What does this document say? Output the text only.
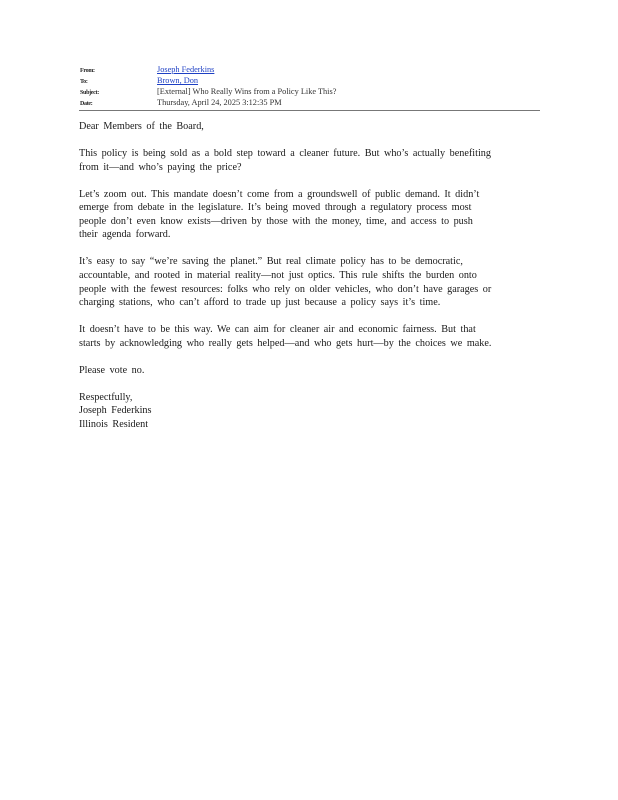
From:	Joseph Federkins
To:	Brown, Don
Subject:	[External] Who Really Wins from a Policy Like This?
Date:	Thursday, April 24, 2025 3:12:35 PM

Dear Members of the Board,

This policy is being sold as a bold step toward a cleaner future. But who’s actually benefiting
from it—and who’s paying the price?

Let’s zoom out. This mandate doesn’t come from a groundswell of public demand. It didn’t
emerge from debate in the legislature. It’s being moved through a regulatory process most
people don’t even know exists—driven by those with the money, time, and access to push
their agenda forward.

It’s easy to say “we’re saving the planet.” But real climate policy has to be democratic,
accountable, and rooted in material reality—not just optics. This rule shifts the burden onto
people with the fewest resources: folks who rely on older vehicles, who don’t have garages or
charging stations, who can’t afford to trade up just because a policy says it’s time.

It doesn’t have to be this way. We can aim for cleaner air and economic fairness. But that
starts by acknowledging who really gets helped—and who gets hurt—by the choices we make.

Please vote no.

Respectfully,

Joseph Federkins

Illinois Resident
